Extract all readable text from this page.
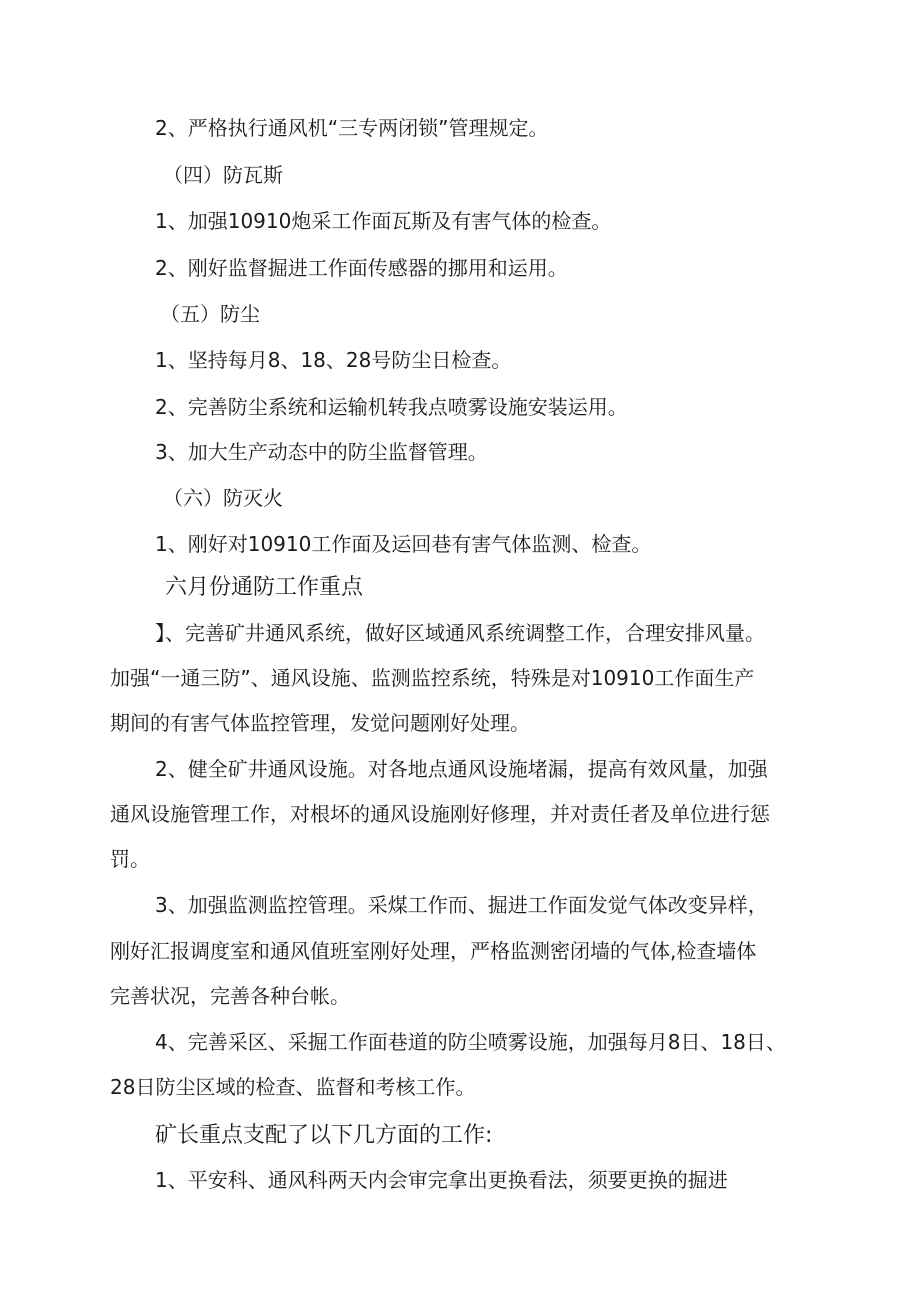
2、严格执行通风机“三专两闭锁”管理规定。
（四）防瓦斯
1、加强10910炮采工作面瓦斯及有害气体的检查。
2、刚好监督掘进工作面传感器的挪用和运用。
（五）防尘
1、坚持每月8、18、28号防尘日检查。
2、完善防尘系统和运输机转我点喷雾设施安装运用。
3、加大生产动态中的防尘监督管理。
（六）防灭火
1、刚好对10910工作面及运回巷有害气体监测、检查。
六月份通防工作重点
】、完善矿井通风系统，做好区域通风系统调整工作，合理安排风量。
加强“一通三防”、通风设施、监测监控系统，特殊是对10910工作面生产
期间的有害气体监控管理，发觉问题刚好处理。
2、健全矿井通风设施。对各地点通风设施堵漏，提高有效风量，加强
通风设施管理工作，对根坏的通风设施刚好修理，并对责任者及单位进行惩
罚。
3、加强监测监控管理。采煤工作而、掘进工作面发觉气体改变异样，
刚好汇报调度室和通风值班室刚好处理，严格监测密闭墙的气体,检查墙体
完善状况，完善各种台帐。
4、完善采区、采掘工作面巷道的防尘喷雾设施，加强每月8日、18日、
28日防尘区域的检查、监督和考核工作。
矿长重点支配了以下几方面的工作:
1、平安科、通风科两天内会审完拿出更换看法，须要更换的掘进
